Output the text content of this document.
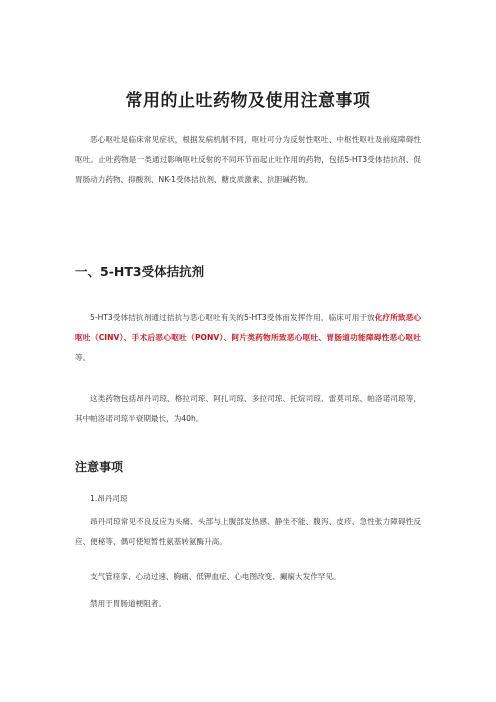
常用的止吐药物及使用注意事项

恶心呕吐是临床常见症状，根据发病机制不同，呕吐可分为反射性呕吐、中枢性呕吐及前庭障碍性呕吐。止吐药物是一类通过影响呕吐反射的不同环节而起止吐作用的药物，包括5-HT3受体拮抗剂、促胃肠动力药物、抑酸剂、NK-1受体拮抗剂、糖皮质激素、抗胆碱药物。

一、5-HT3受体拮抗剂

5-HT3受体拮抗剂通过拮抗与恶心呕吐有关的5-HT3受体而发挥作用，临床可用于放化疗所致恶心呕吐（CINV）、手术后恶心呕吐（PONV）、阿片类药物所致恶心呕吐、胃肠道功能障碍性恶心呕吐等。

这类药物包括昂丹司琼、格拉司琼、阿扎司琼、多拉司琼、托烷司琼、雷莫司琼、帕洛诺司琼等，其中帕洛诺司琼半衰期最长，为40h。

注意事项
1.昂丹司琼

昂丹司琼常见不良反应为头痛、头部与上腹部发热感、静坐不能、腹泻、皮疹、急性张力障碍性反应、便秘等，偶可使短暂性氨基转氨酶升高。

支气管痉挛、心动过速、胸痛、低钾血症、心电图改变、癫痫大发作罕见。

禁用于胃肠道梗阻者。
